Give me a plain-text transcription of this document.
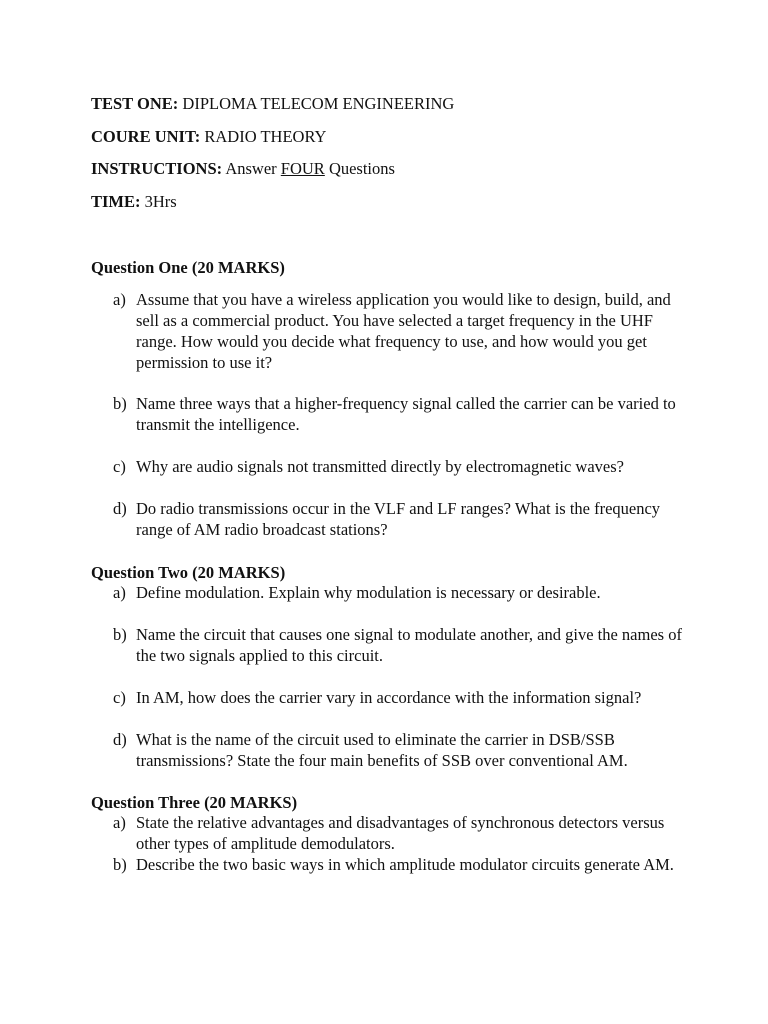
TEST ONE: DIPLOMA TELECOM ENGINEERING
COURE UNIT: RADIO THEORY
INSTRUCTIONS: Answer FOUR Questions
TIME: 3Hrs
Question One (20 MARKS)
a) Assume that you have a wireless application you would like to design, build, and sell as a commercial product. You have selected a target frequency in the UHF range. How would you decide what frequency to use, and how would you get permission to use it?
b) Name three ways that a higher-frequency signal called the carrier can be varied to transmit the intelligence.
c) Why are audio signals not transmitted directly by electromagnetic waves?
d) Do radio transmissions occur in the VLF and LF ranges? What is the frequency range of AM radio broadcast stations?
Question Two (20 MARKS)
a) Define modulation. Explain why modulation is necessary or desirable.
b) Name the circuit that causes one signal to modulate another, and give the names of the two signals applied to this circuit.
c) In AM, how does the carrier vary in accordance with the information signal?
d) What is the name of the circuit used to eliminate the carrier in DSB/SSB transmissions? State the four main benefits of SSB over conventional AM.
Question Three (20 MARKS)
a) State the relative advantages and disadvantages of synchronous detectors versus other types of amplitude demodulators.
b) Describe the two basic ways in which amplitude modulator circuits generate AM.
